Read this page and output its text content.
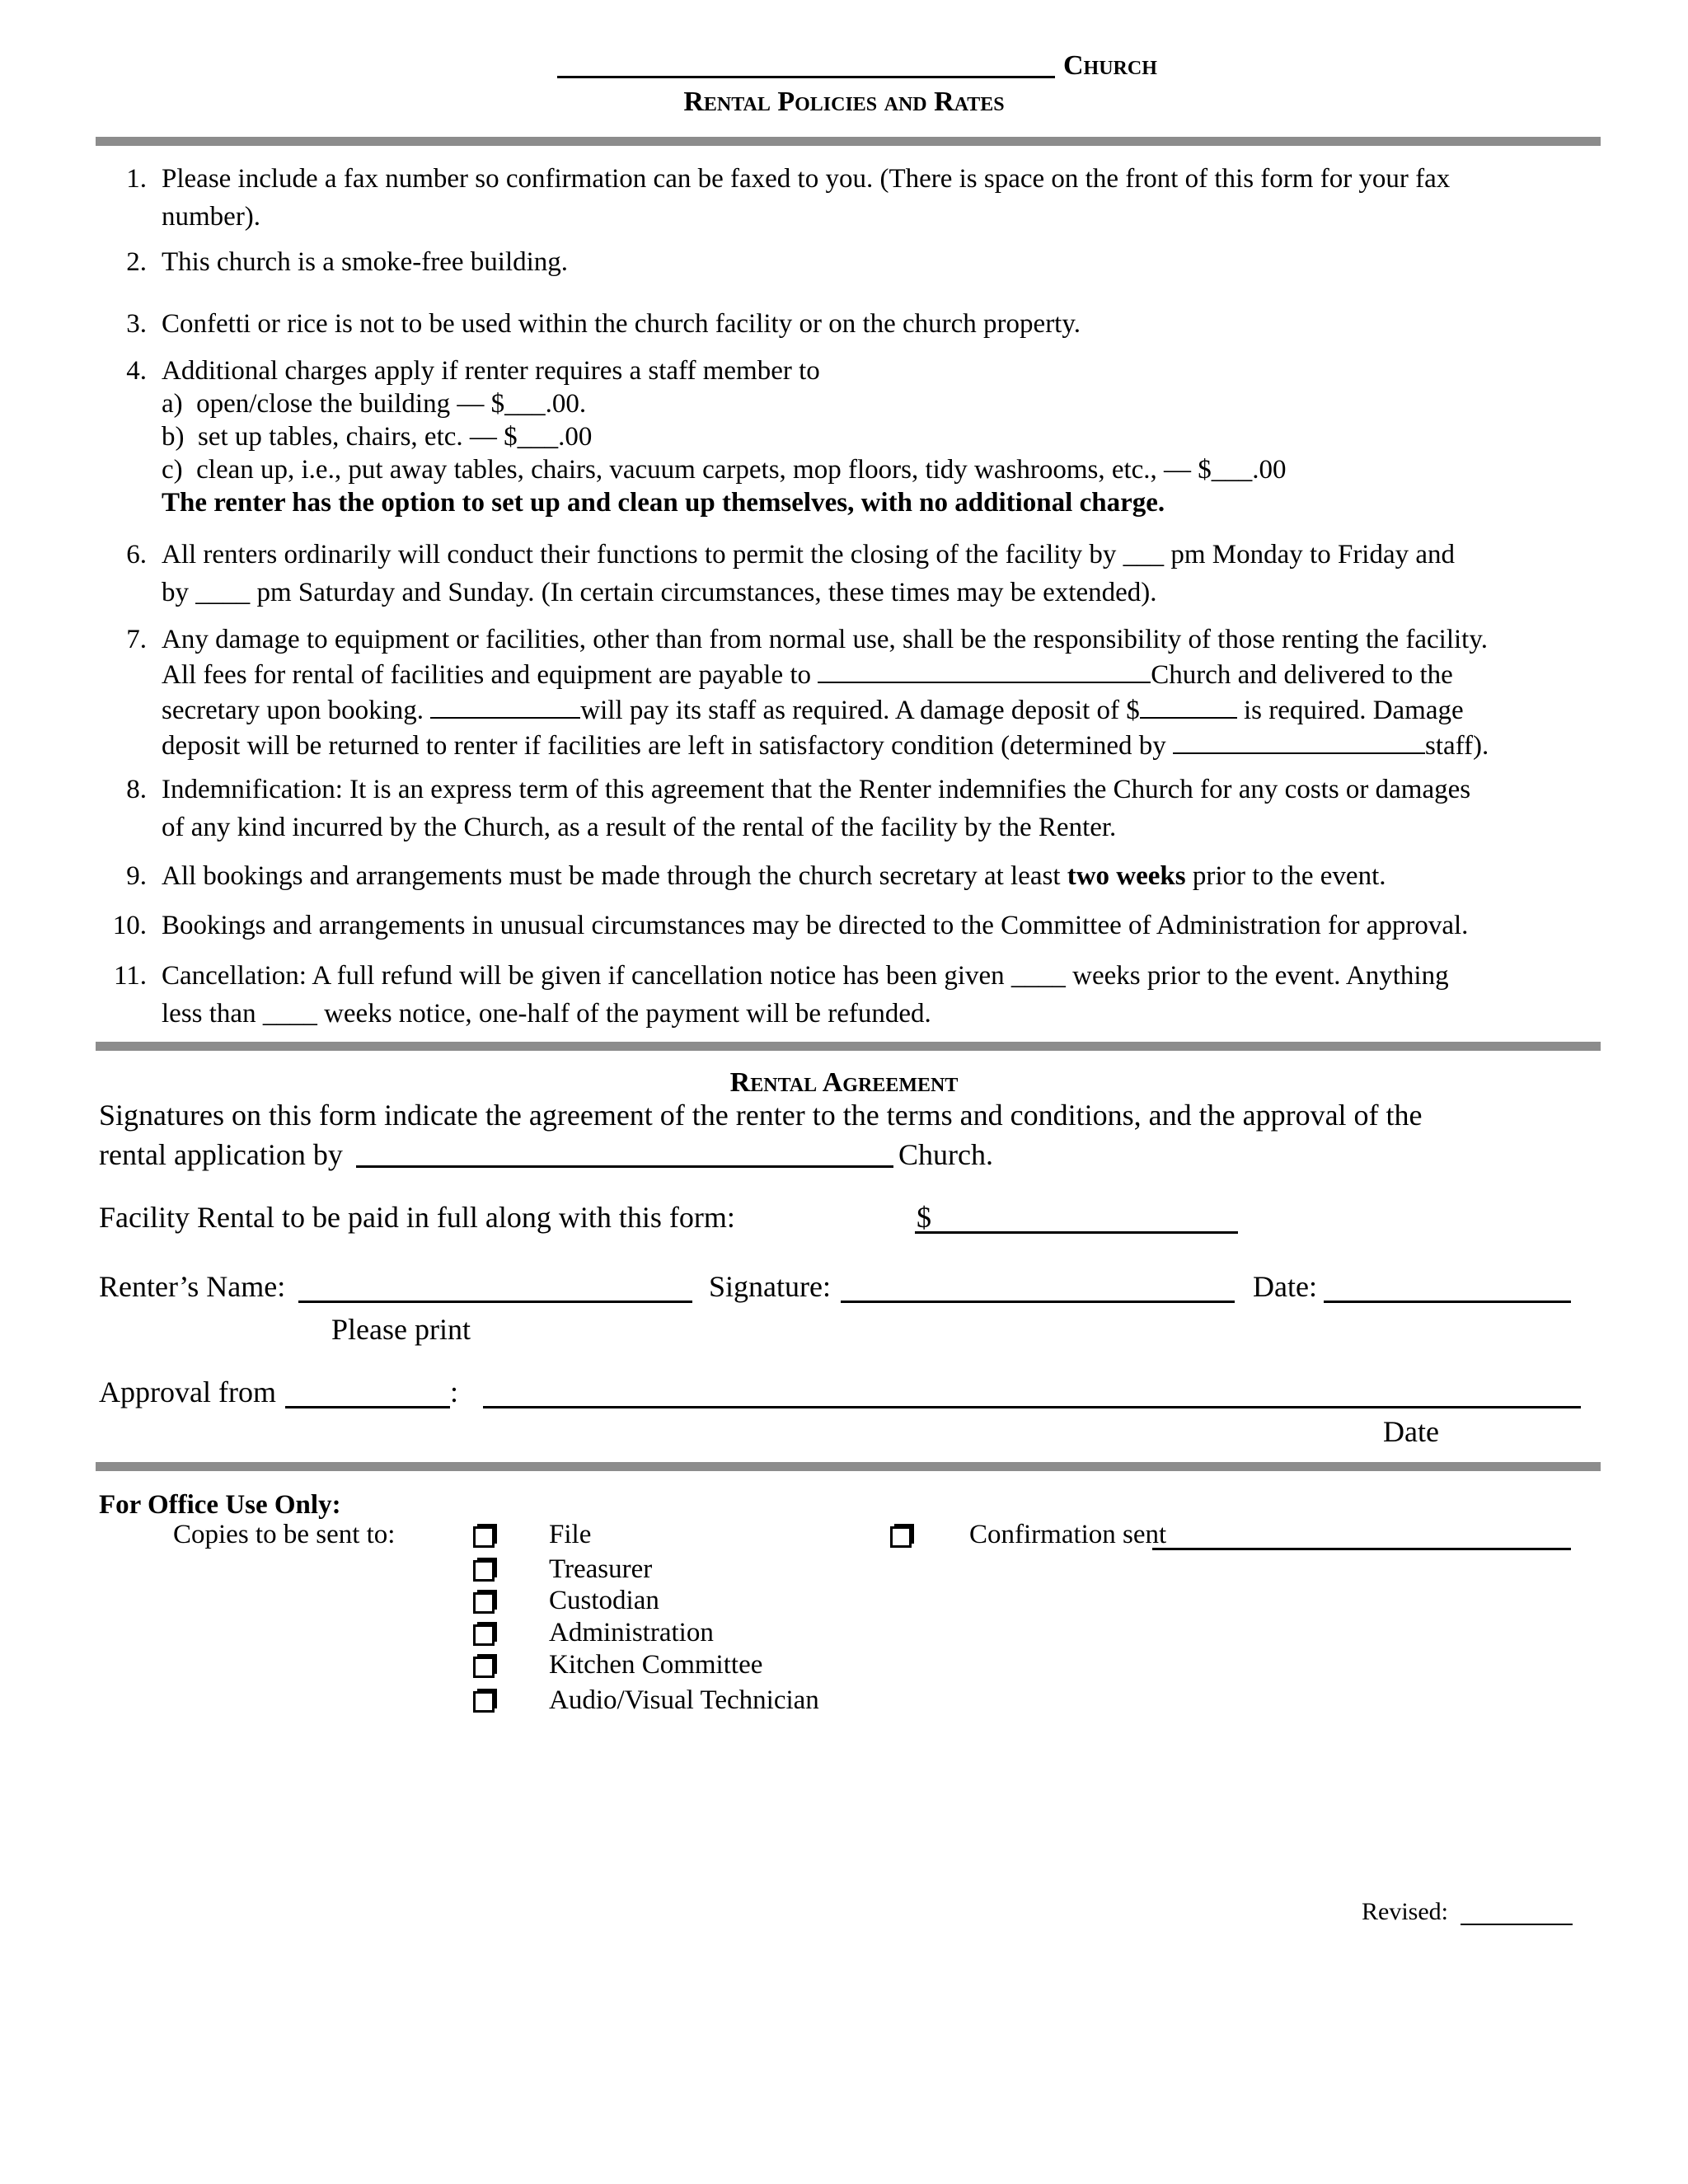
Church
Rental Policies and Rates
1. Please include a fax number so confirmation can be faxed to you. (There is space on the front of this form for your fax
number).
2. This church is a smoke-free building.
3. Confetti or rice is not to be used within the church facility or on the church property.
4. Additional charges apply if renter requires a staff member to
a) open/close the building — $___.00.
b) set up tables, chairs, etc. — $___.00
c) clean up, i.e., put away tables, chairs, vacuum carpets, mop floors, tidy washrooms, etc., — $___.00
The renter has the option to set up and clean up themselves, with no additional charge.
6. All renters ordinarily will conduct their functions to permit the closing of the facility by ___ pm Monday to Friday and
by ____ pm Saturday and Sunday. (In certain circumstances, these times may be extended).
7. Any damage to equipment or facilities, other than from normal use, shall be the responsibility of those renting the facility.
All fees for rental of facilities and equipment are payable to	Church and delivered to the
secretary upon booking.	will pay its staff as required. A damage deposit of $	is required. Damage
deposit will be returned to renter if facilities are left in satisfactory condition (determined by	staff).
8. Indemnification: It is an express term of this agreement that the Renter indemnifies the Church for any costs or damages
of any kind incurred by the Church, as a result of the rental of the facility by the Renter.
9. All bookings and arrangements must be made through the church secretary at least two weeks prior to the event.
10. Bookings and arrangements in unusual circumstances may be directed to the Committee of Administration for approval.
11. Cancellation: A full refund will be given if cancellation notice has been given ____ weeks prior to the event. Anything
less than ____ weeks notice, one-half of the payment will be refunded.
Rental Agreement
Signatures on this form indicate the agreement of the renter to the terms and conditions, and the approval of the
rental application by	Church.
Facility Rental to be paid in full along with this form:	$
Renter’s Name:	Signature:	Date:
Please print
Approval from	:
Date
For Office Use Only:
Copies to be sent to:	File
Treasurer
Custodian
Administration
Kitchen Committee
Audio/Visual Technician
Confirmation sent
Revised:
